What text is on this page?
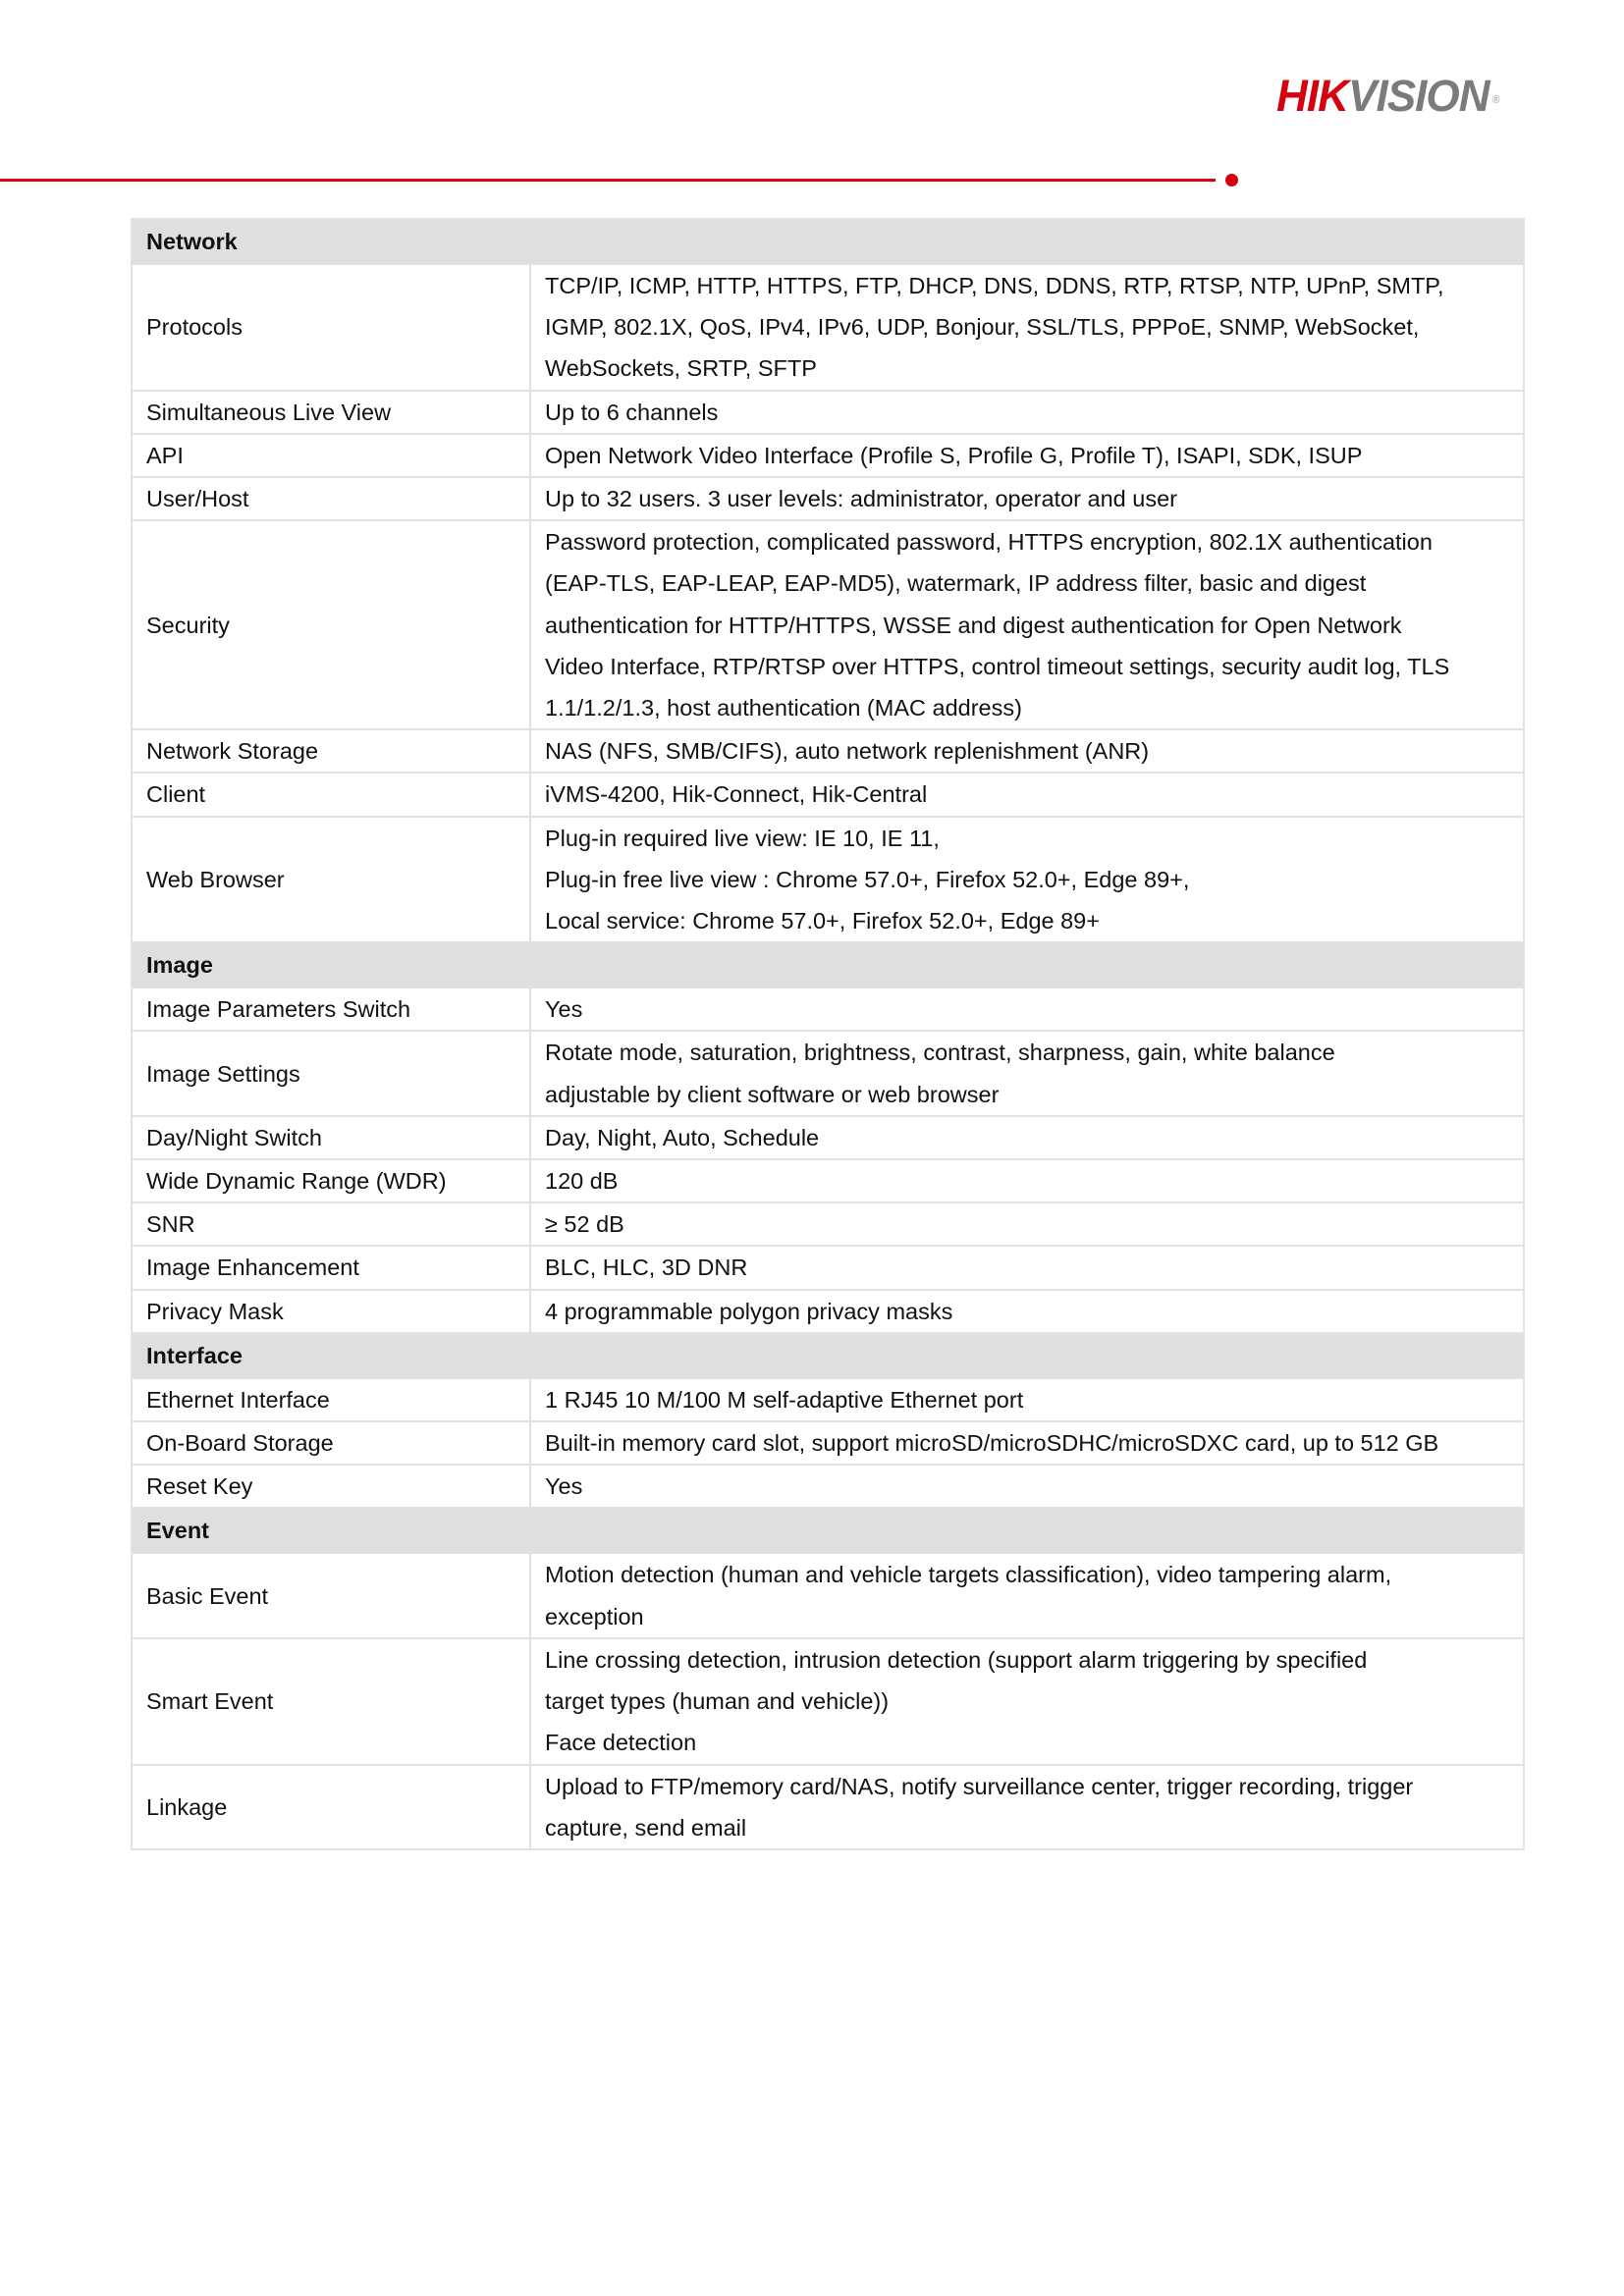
HIKVISION ®
Network	
Protocols	TCP/IP, ICMP, HTTP, HTTPS, FTP, DHCP, DNS, DDNS, RTP, RTSP, NTP, UPnP, SMTP,
IGMP, 802.1X, QoS, IPv4, IPv6, UDP, Bonjour, SSL/TLS, PPPoE, SNMP, WebSocket,
WebSockets, SRTP, SFTP

Simultaneous Live View	Up to 6 channels

API	Open Network Video Interface (Profile S, Profile G, Profile T), ISAPI, SDK, ISUP

User/Host	Up to 32 users. 3 user levels: administrator, operator and user

Security	Password protection, complicated password, HTTPS encryption, 802.1X authentication
(EAP-TLS, EAP-LEAP, EAP-MD5), watermark, IP address filter, basic and digest
authentication for HTTP/HTTPS, WSSE and digest authentication for Open Network
Video Interface, RTP/RTSP over HTTPS, control timeout settings, security audit log, TLS
1.1/1.2/1.3, host authentication (MAC address)

Network Storage	NAS (NFS, SMB/CIFS), auto network replenishment (ANR)

Client	iVMS-4200, Hik-Connect, Hik-Central

Web Browser	Plug-in required live view: IE 10, IE 11,
Plug-in free live view : Chrome 57.0+, Firefox 52.0+, Edge 89+,
Local service: Chrome 57.0+, Firefox 52.0+, Edge 89+

Image	
Image Parameters Switch	Yes

Image Settings	Rotate mode, saturation, brightness, contrast, sharpness, gain, white balance
adjustable by client software or web browser

Day/Night Switch	Day, Night, Auto, Schedule

Wide Dynamic Range (WDR)	120 dB

SNR	≥ 52 dB

Image Enhancement	BLC, HLC, 3D DNR

Privacy Mask	4 programmable polygon privacy masks

Interface	
Ethernet Interface	1 RJ45 10 M/100 M self-adaptive Ethernet port

On-Board Storage	Built-in memory card slot, support microSD/microSDHC/microSDXC card, up to 512 GB

Reset Key	Yes

Event	
Basic Event	Motion detection (human and vehicle targets classification), video tampering alarm,
exception

Smart Event	Line crossing detection, intrusion detection (support alarm triggering by specified
target types (human and vehicle))
Face detection

Linkage	Upload to FTP/memory card/NAS, notify surveillance center, trigger recording, trigger
capture, send email
